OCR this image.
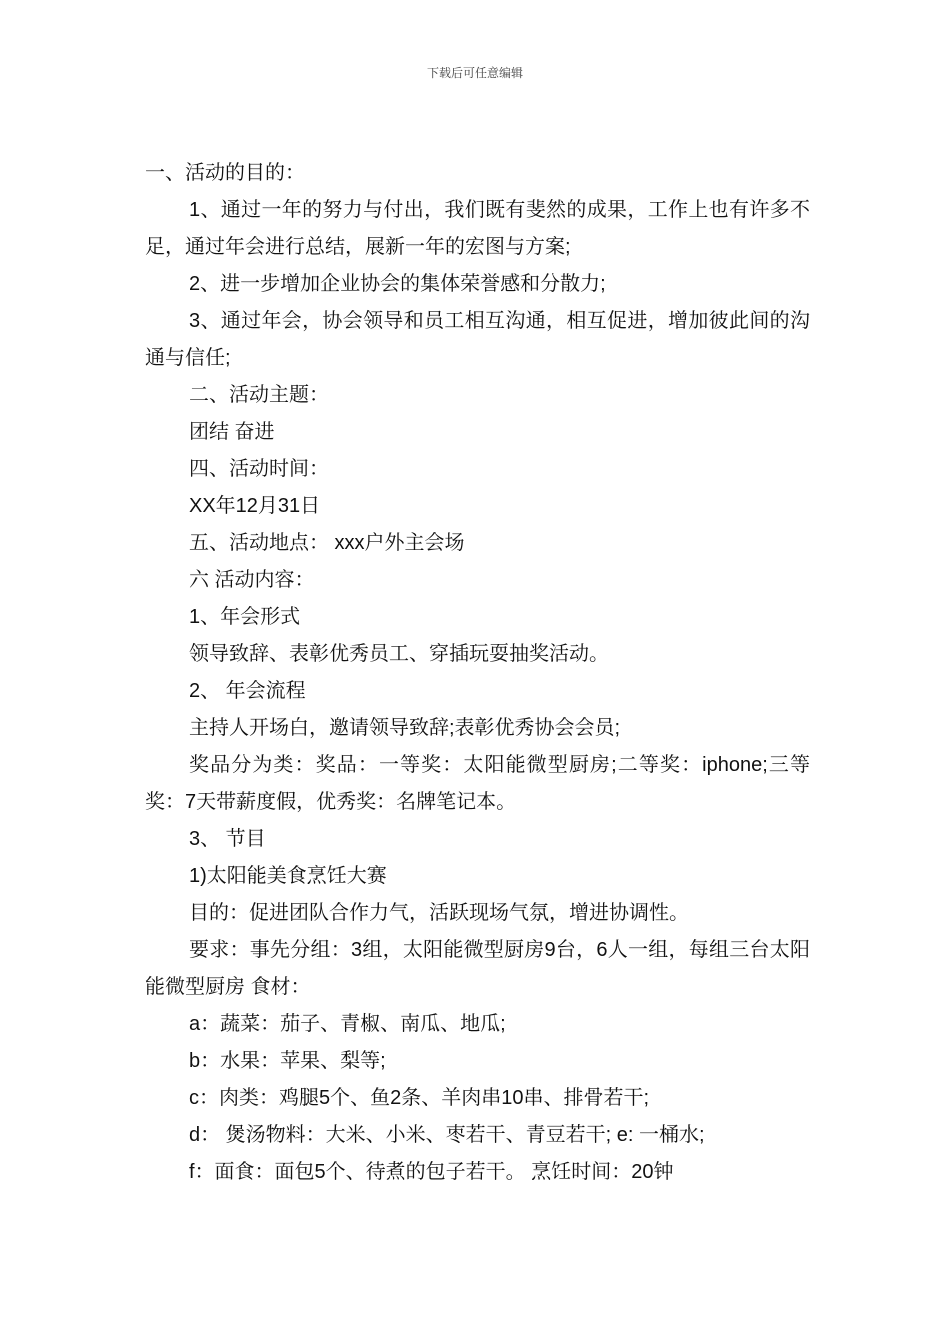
下载后可任意编辑

一、活动的目的：

1、通过一年的努力与付出，我们既有斐然的成果，工作上也有许多不足，通过年会进行总结，展新一年的宏图与方案;

2、进一步增加企业协会的集体荣誉感和分散力;

3、通过年会，协会领导和员工相互沟通，相互促进，增加彼此间的沟通与信任;

二、活动主题：

团结 奋进

四、活动时间：

XX年12月31日

五、活动地点： xxx户外主会场

六 活动内容：

1、年会形式

领导致辞、表彰优秀员工、穿插玩耍抽奖活动。

2、 年会流程

主持人开场白，邀请领导致辞;表彰优秀协会会员;

奖品分为类：奖品：一等奖：太阳能微型厨房;二等奖：iphone;三等奖：7天带薪度假，优秀奖：名牌笔记本。

3、 节目

1)太阳能美食烹饪大赛

目的：促进团队合作力气，活跃现场气氛，增进协调性。

要求：事先分组：3组，太阳能微型厨房9台，6人一组，每组三台太阳能微型厨房 食材：

a：蔬菜：茄子、青椒、南瓜、地瓜;

b：水果：苹果、梨等;

c：肉类：鸡腿5个、鱼2条、羊肉串10串、排骨若干;

d： 煲汤物料：大米、小米、枣若干、青豆若干; e: 一桶水;

f：面食：面包5个、待煮的包子若干。 烹饪时间：20钟
